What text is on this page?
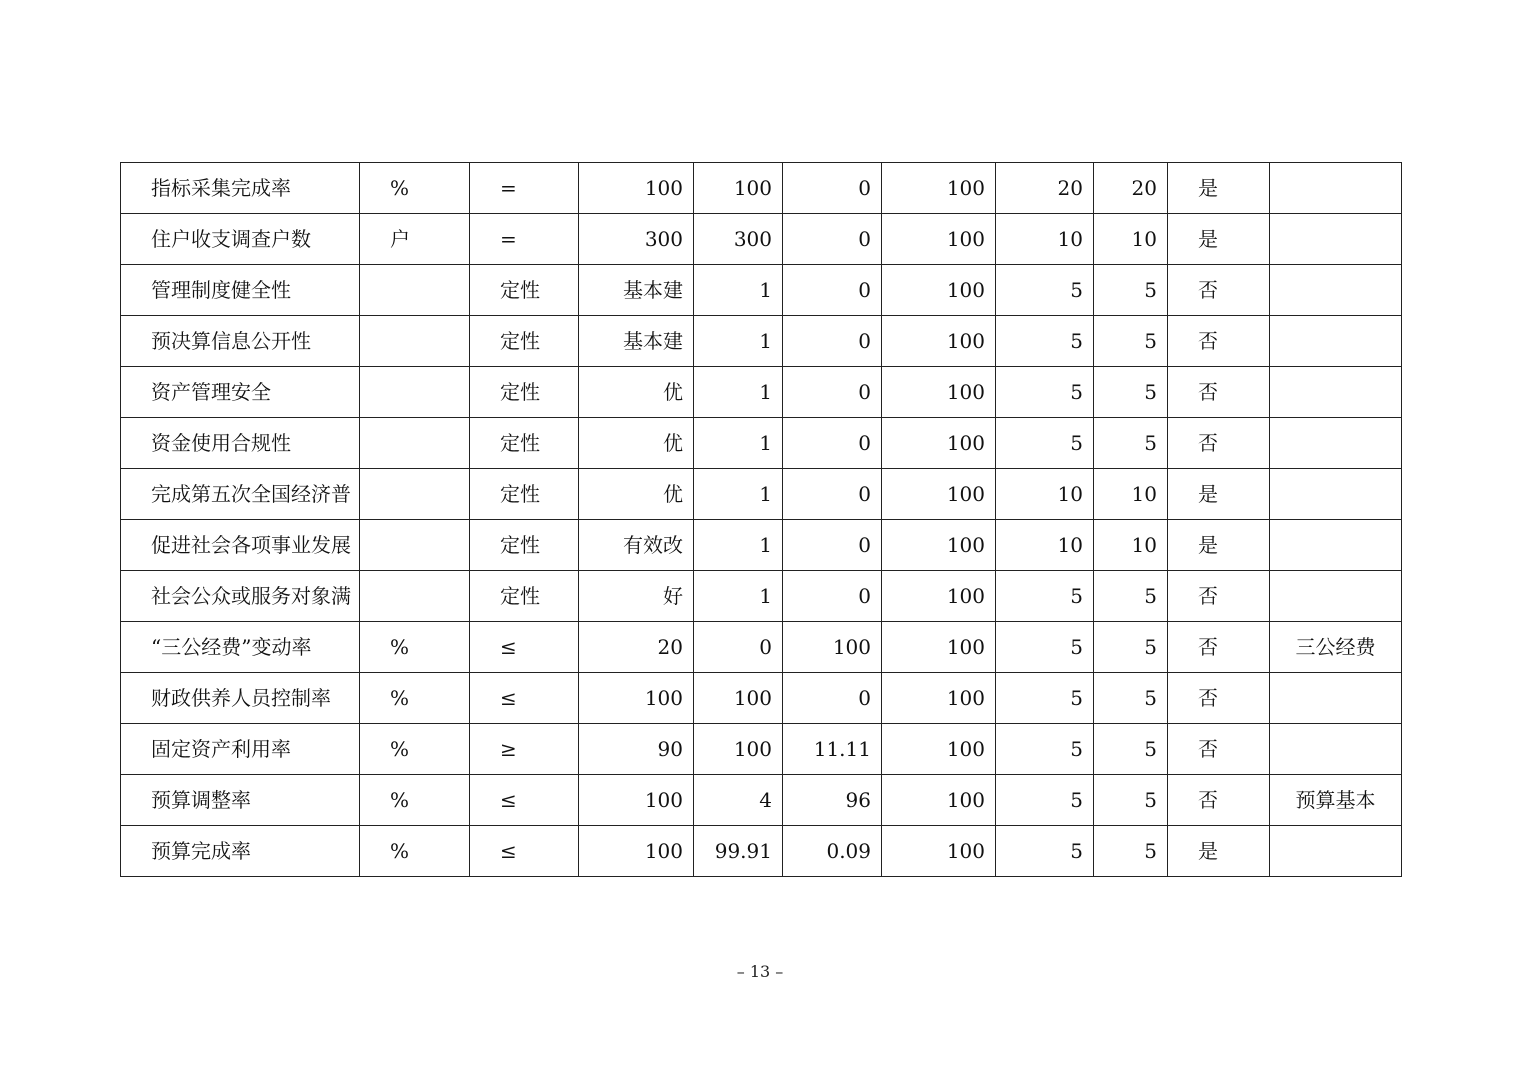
指标采集完成率	%	=	100	100	0	100	20	20	是	
住户收支调查户数	户	=	300	300	0	100	10	10	是	
管理制度健全性		定性	基本建	1	0	100	5	5	否	
预决算信息公开性		定性	基本建	1	0	100	5	5	否	
资产管理安全		定性	优	1	0	100	5	5	否	
资金使用合规性		定性	优	1	0	100	5	5	否	
完成第五次全国经济普		定性	优	1	0	100	10	10	是	
促进社会各项事业发展		定性	有效改	1	0	100	10	10	是	
社会公众或服务对象满		定性	好	1	0	100	5	5	否	
“三公经费”变动率	%	≤	20	0	100	100	5	5	否	三公经费
财政供养人员控制率	%	≤	100	100	0	100	5	5	否	
固定资产利用率	%	≥	90	100	11.11	100	5	5	否	
预算调整率	%	≤	100	4	96	100	5	5	否	预算基本
预算完成率	%	≤	100	99.91	0.09	100	5	5	是	
– 13 –
